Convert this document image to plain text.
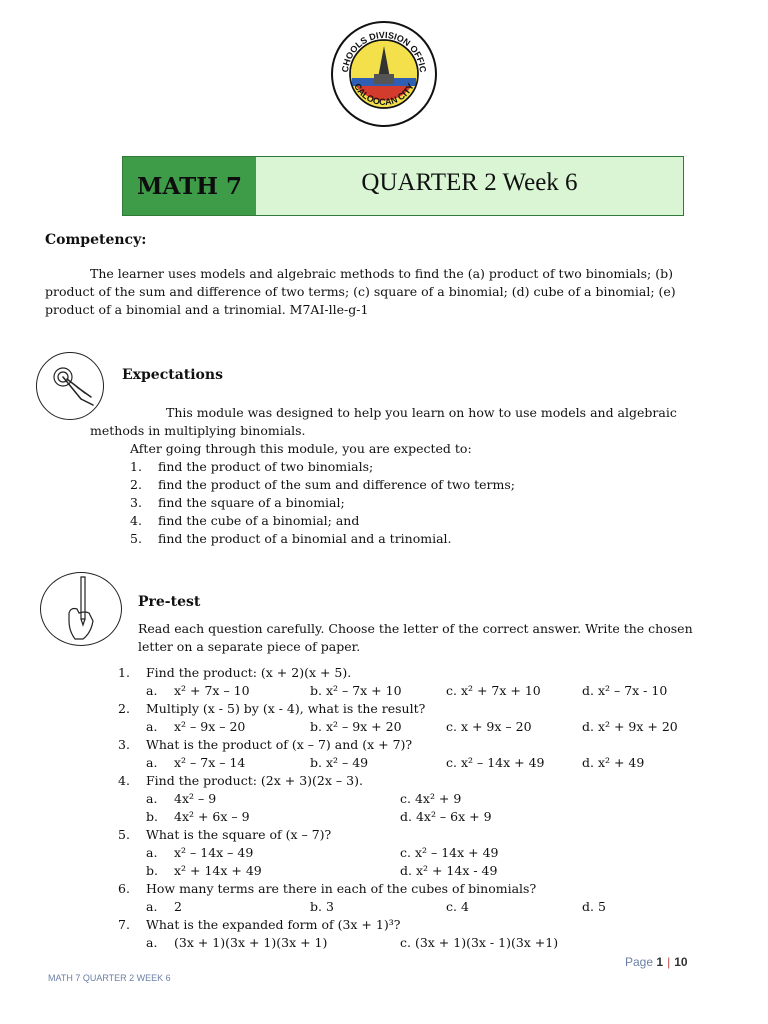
CHOOLS DIVISION OFFIC
CALOOCAN CITY
MATH 7	QUARTER 2 Week 6
Competency:
The learner uses models and algebraic methods to find the (a) product of two binomials; (b) product of the sum and difference of two terms; (c) square of a binomial; (d) cube of a binomial; (e) product of a binomial and a trinomial. M7AI-lle-g-1
Expectations
This module was designed to help you learn on how to use models and algebraic methods in multiplying binomials.
After going through this module, you are expected to:
1.	find the product of two binomials;
2.	find the product of the sum and difference of two terms;
3.	find the square of a binomial;
4.	find the cube of a binomial; and
5.	find the product of a binomial and a trinomial.
Pre-test
Read each question carefully. Choose the letter of the correct answer. Write the chosen letter on a separate piece of paper.
1.	Find the product: (x + 2)(x + 5).
a.	x² + 7x – 10	b. x² – 7x + 10	c. x² + 7x + 10	d. x² – 7x - 10
2.	Multiply (x - 5) by (x - 4), what is the result?
a.	x² – 9x – 20	b. x² – 9x + 20	c. x + 9x – 20	d. x² + 9x + 20
3.	What is the product of (x – 7) and (x + 7)?
a.	x² – 7x – 14	b. x² – 49	c. x² – 14x + 49	d. x² + 49
4.	Find the product: (2x + 3)(2x – 3).
a.	4x² – 9	c. 4x² + 9
b.	4x² + 6x – 9	d. 4x² – 6x + 9
5.	What is the square of (x – 7)?
a.	x² – 14x – 49	c. x² – 14x + 49
b.	x² + 14x + 49	d. x² + 14x - 49
6.	How many terms are there in each of the cubes of binomials?
a.	2	b. 3	c. 4	d. 5
7.	What is the expanded form of (3x + 1)³?
a.	(3x + 1)(3x + 1)(3x + 1)	c. (3x + 1)(3x - 1)(3x +1)
Page 1 | 10
MATH 7 QUARTER 2 WEEK 6
